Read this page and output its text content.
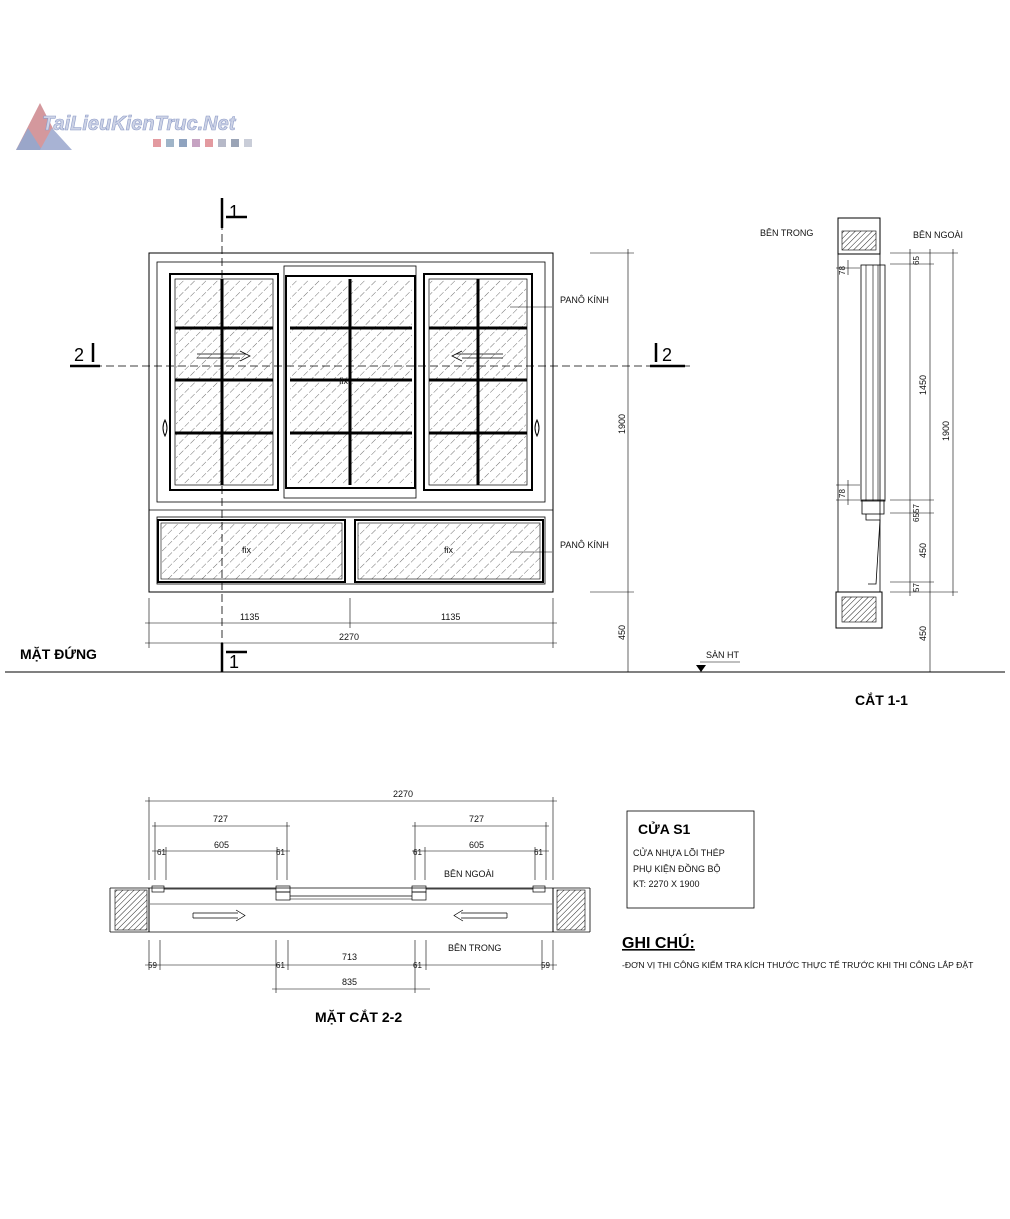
TaiLieuKienTruc.Net
1
1
2	2
fix
fix	fix
PANÔ KÍNH
PANÔ KÍNH
1135	1135
2270
1900
450
SÀN HT
MẶT ĐỨNG
BÊN TRONG	BÊN NGOÀI
65
78
1450
78
57
65
450
57
1900
450
CẮT 1-1
2270
727	727
605	605
61	61	61	61
BÊN NGOÀI
BÊN TRONG
59	61	61	59
713
835
MẶT CẮT 2-2
CỬA S1
CỬA NHỰA LÕI THÉP
PHỤ KIỆN ĐỒNG BỘ
KT: 2270 X 1900
GHI CHÚ:
-ĐƠN VỊ THI CÔNG KIỂM TRA KÍCH THƯỚC THỰC TẾ TRƯỚC KHI THI CÔNG LẮP ĐẶT
